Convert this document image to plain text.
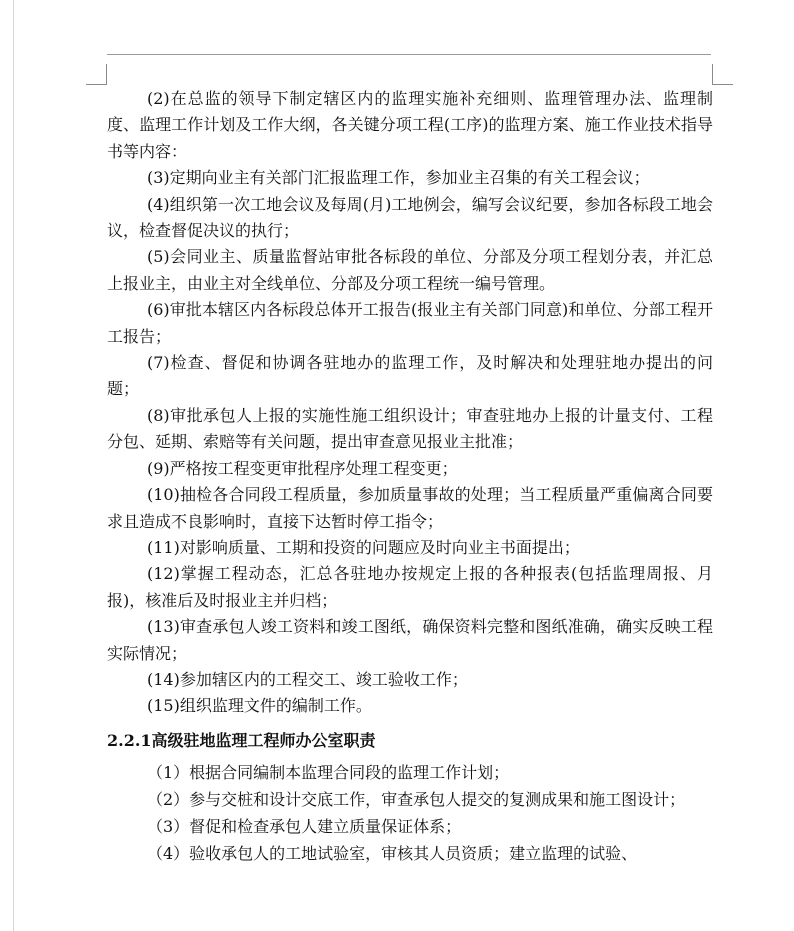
(2)在总监的领导下制定辖区内的监理实施补充细则、监理管理办法、监理制度、监理工作计划及工作大纲，各关键分项工程(工序)的监理方案、施工作业技术指导书等内容：

(3)定期向业主有关部门汇报监理工作，参加业主召集的有关工程会议；

(4)组织第一次工地会议及每周(月)工地例会，编写会议纪要，参加各标段工地会议，检查督促决议的执行；

(5)会同业主、质量监督站审批各标段的单位、分部及分项工程划分表，并汇总上报业主，由业主对全线单位、分部及分项工程统一编号管理。

(6)审批本辖区内各标段总体开工报告(报业主有关部门同意)和单位、分部工程开工报告；

(7)检查、督促和协调各驻地办的监理工作，及时解决和处理驻地办提出的问题；

(8)审批承包人上报的实施性施工组织设计；审查驻地办上报的计量支付、工程分包、延期、索赔等有关问题，提出审查意见报业主批准；

(9)严格按工程变更审批程序处理工程变更；

(10)抽检各合同段工程质量，参加质量事故的处理；当工程质量严重偏离合同要求且造成不良影响时，直接下达暂时停工指令；

(11)对影响质量、工期和投资的问题应及时向业主书面提出；

(12)掌握工程动态，汇总各驻地办按规定上报的各种报表(包括监理周报、月报)，核准后及时报业主并归档；

(13)审查承包人竣工资料和竣工图纸，确保资料完整和图纸准确，确实反映工程实际情况；

(14)参加辖区内的工程交工、竣工验收工作；

(15)组织监理文件的编制工作。

2.2.1高级驻地监理工程师办公室职责

（1）根据合同编制本监理合同段的监理工作计划；

（2）参与交桩和设计交底工作，审查承包人提交的复测成果和施工图设计；

（3）督促和检查承包人建立质量保证体系；

（4）验收承包人的工地试验室，审核其人员资质；建立监理的试验、
